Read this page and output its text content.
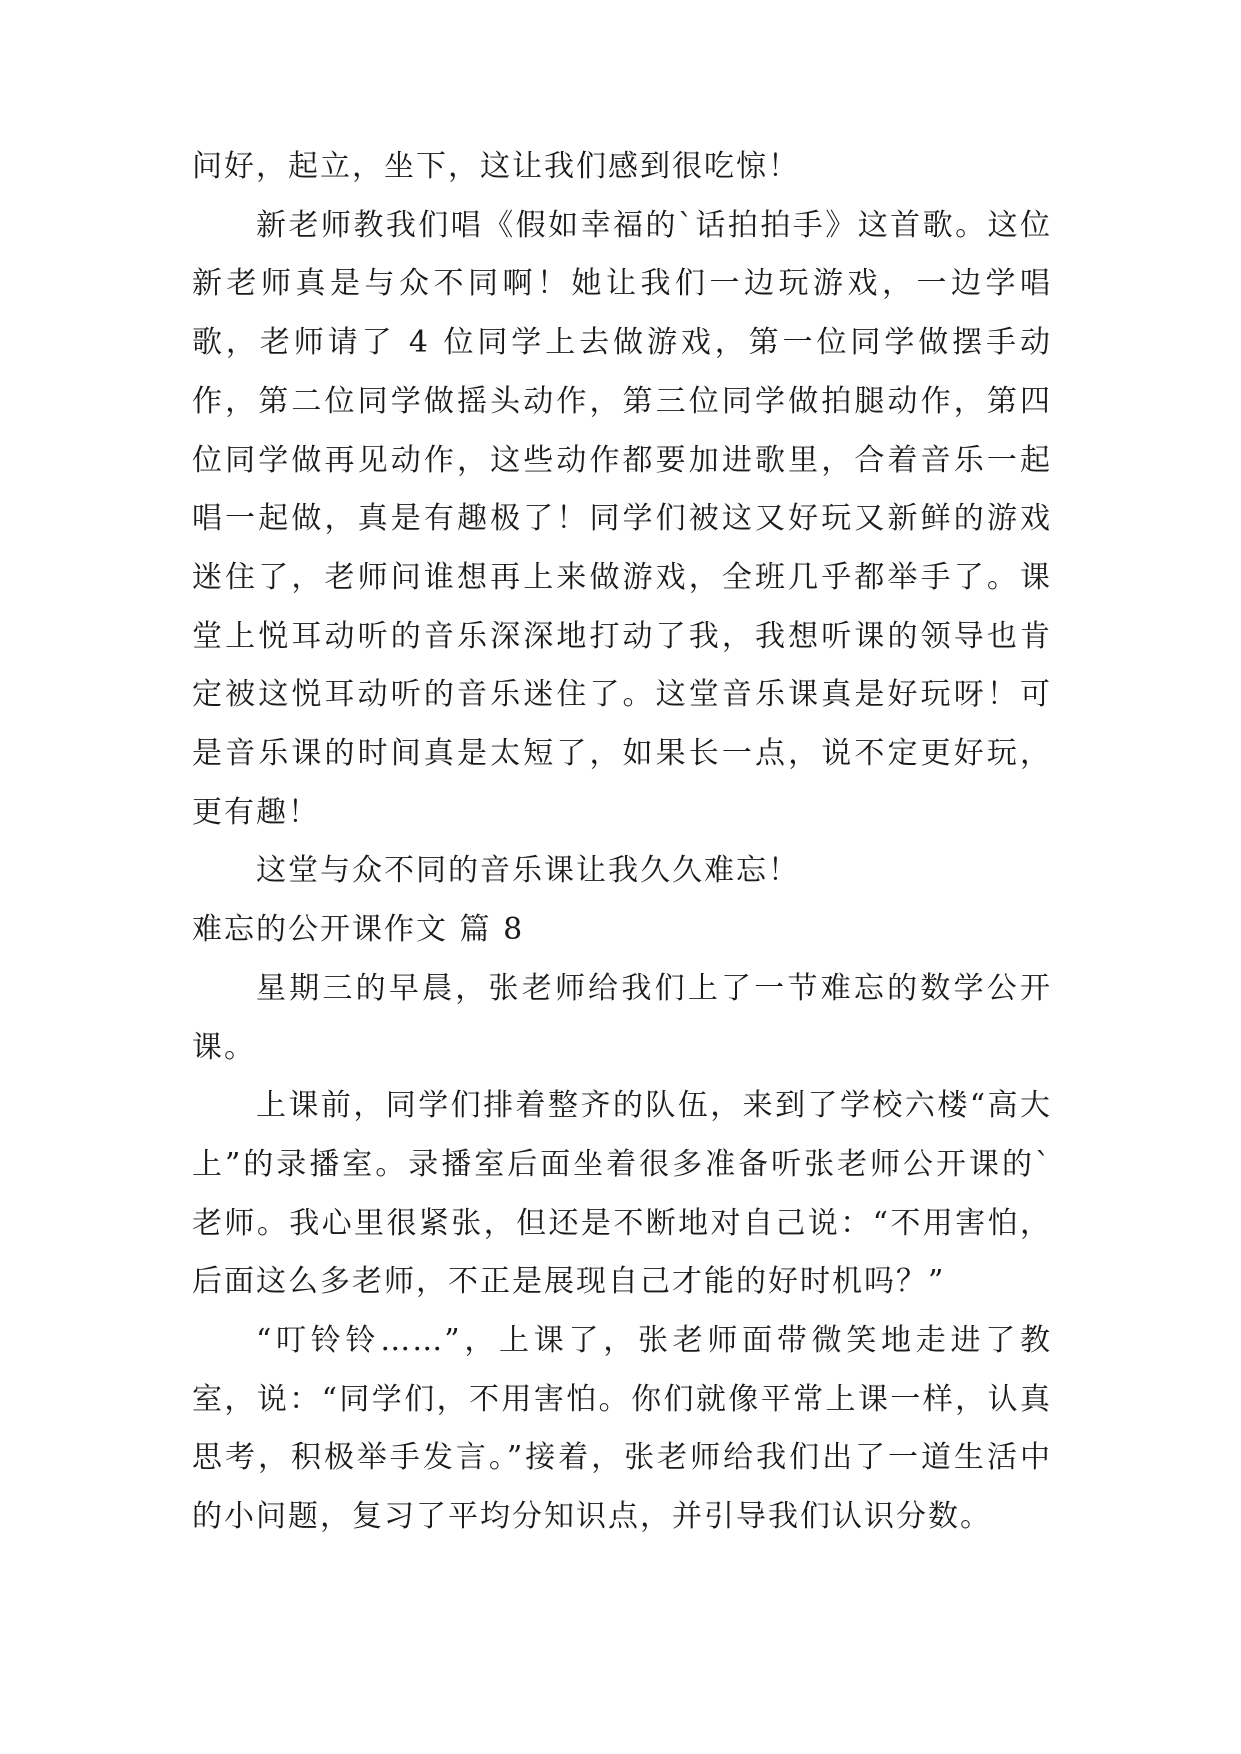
问好，起立，坐下，这让我们感到很吃惊！

新老师教我们唱《假如幸福的`话拍拍手》这首歌。这位新老师真是与众不同啊！她让我们一边玩游戏，一边学唱歌，老师请了 4 位同学上去做游戏，第一位同学做摆手动作，第二位同学做摇头动作，第三位同学做拍腿动作，第四位同学做再见动作，这些动作都要加进歌里，合着音乐一起唱一起做，真是有趣极了！同学们被这又好玩又新鲜的游戏迷住了，老师问谁想再上来做游戏，全班几乎都举手了。课堂上悦耳动听的音乐深深地打动了我，我想听课的领导也肯定被这悦耳动听的音乐迷住了。这堂音乐课真是好玩呀！可是音乐课的时间真是太短了，如果长一点，说不定更好玩，更有趣！

这堂与众不同的音乐课让我久久难忘！

难忘的公开课作文 篇 8

星期三的早晨，张老师给我们上了一节难忘的数学公开课。

上课前，同学们排着整齐的队伍，来到了学校六楼“高大上”的录播室。录播室后面坐着很多准备听张老师公开课的`老师。我心里很紧张，但还是不断地对自己说：“不用害怕，后面这么多老师，不正是展现自己才能的好时机吗？”

“叮铃铃……”，上课了，张老师面带微笑地走进了教室，说：“同学们，不用害怕。你们就像平常上课一样，认真思考，积极举手发言。”接着，张老师给我们出了一道生活中的小问题，复习了平均分知识点，并引导我们认识分数。
